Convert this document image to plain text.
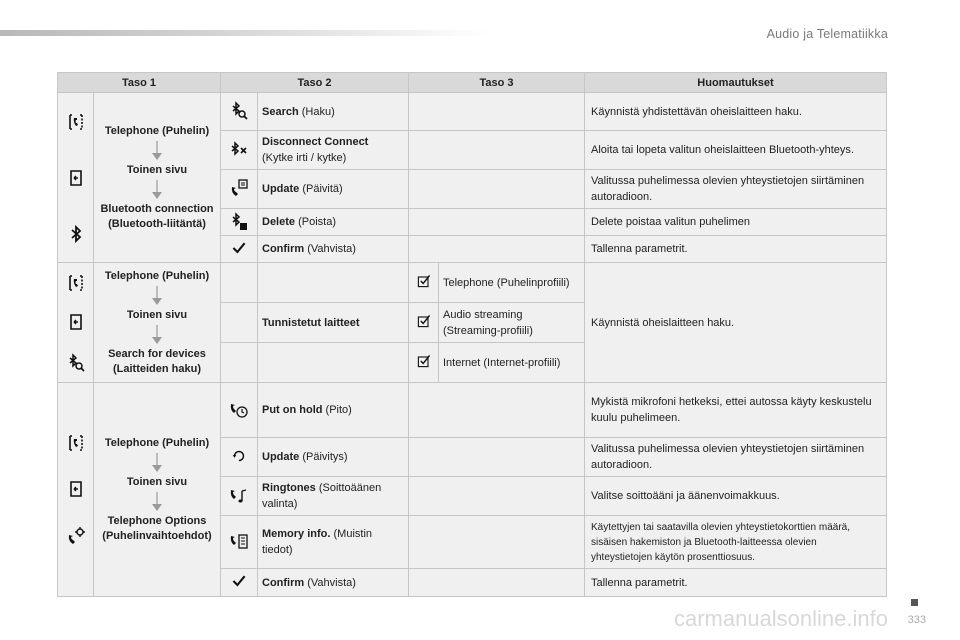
Audio ja Telematiikka
Taso 1		Taso 2		Taso 3		Huomautukset

Telephone (Puhelin)
Toinen sivu
Bluetooth connection (Bluetooth-liitäntä)		Search (Haku)			Käynnistä yhdistettävän oheislaitteen haku.
	Disconnect Connect
(Kytke irti / kytke)			Aloita tai lopeta valitun oheislaitteen Bluetooth-yhteys.
	Update (Päivitä)			Valitussa puhelimessa olevien yhteystietojen siirtäminen autoradioon.
	Delete (Poista)			Delete poistaa valitun puhelimen
	Confirm (Vahvista)			Tallenna parametrit.

Telephone (Puhelin)
Toinen sivu
Search for devices (Laitteiden haku)				Telephone (Puhelinprofiili)	Käynnistä oheislaitteen haku.
			Tunnistetut laitteet		Audio streaming (Streaming-profiili)	
			Internet (Internet-profiili)	

Telephone (Puhelin)
Toinen sivu
Telephone Options (Puhelinvaihtoehdot)		Put on hold (Pito)			Mykistä mikrofoni hetkeksi, ettei autossa käyty keskustelu kuulu puhelimeen.
	Update (Päivitys)			Valitussa puhelimessa olevien yhteystietojen siirtäminen autoradioon.
	Ringtones (Soittoäänen valinta)			Valitse soittoääni ja äänenvoimakkuus.
	Memory info. (Muistin tiedot)			Käytettyjen tai saatavilla olevien yhteystietokorttien määrä, sisäisen hakemiston ja Bluetooth-laitteessa olevien yhteystietojen käytön prosenttiosuus.
	Confirm (Vahvista)			Tallenna parametrit.
333
carmanualsonline.info
